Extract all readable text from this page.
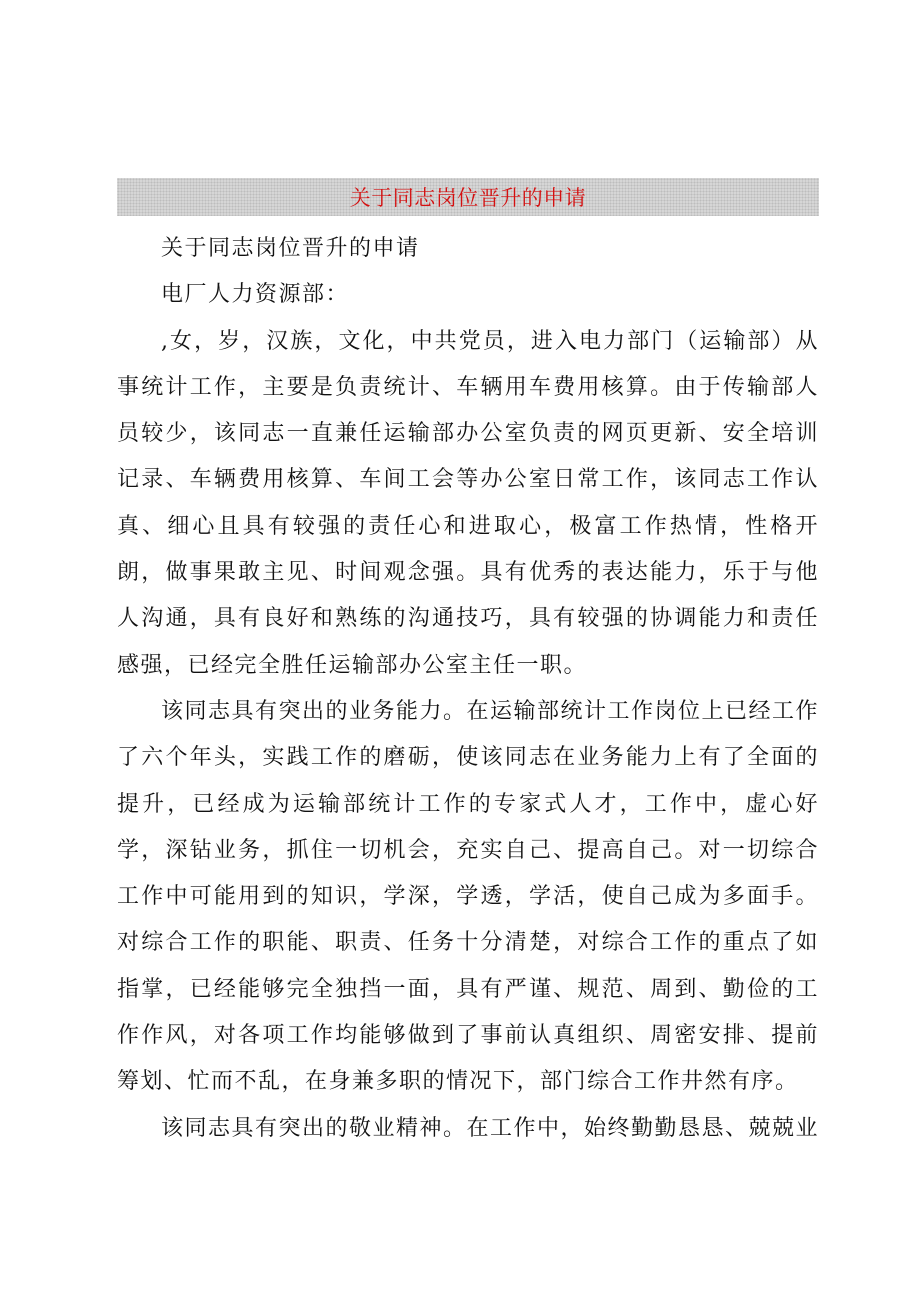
关于同志岗位晋升的申请

关于同志岗位晋升的申请

电厂人力资源部：

,女，岁，汉族，文化，中共党员，进入电力部门（运输部）从事统计工作，主要是负责统计、车辆用车费用核算。由于传输部人员较少，该同志一直兼任运输部办公室负责的网页更新、安全培训记录、车辆费用核算、车间工会等办公室日常工作，该同志工作认真、细心且具有较强的责任心和进取心，极富工作热情，性格开朗，做事果敢主见、时间观念强。具有优秀的表达能力，乐于与他人沟通，具有良好和熟练的沟通技巧，具有较强的协调能力和责任感强，已经完全胜任运输部办公室主任一职。

该同志具有突出的业务能力。在运输部统计工作岗位上已经工作了六个年头，实践工作的磨砺，使该同志在业务能力上有了全面的提升，已经成为运输部统计工作的专家式人才，工作中，虚心好学，深钻业务，抓住一切机会，充实自己、提高自己。对一切综合工作中可能用到的知识，学深，学透，学活，使自己成为多面手。对综合工作的职能、职责、任务十分清楚，对综合工作的重点了如指掌，已经能够完全独挡一面，具有严谨、规范、周到、勤俭的工作作风，对各项工作均能够做到了事前认真组织、周密安排、提前筹划、忙而不乱，在身兼多职的情况下，部门综合工作井然有序。

该同志具有突出的敬业精神。在工作中，始终勤勤恳恳、兢兢业
